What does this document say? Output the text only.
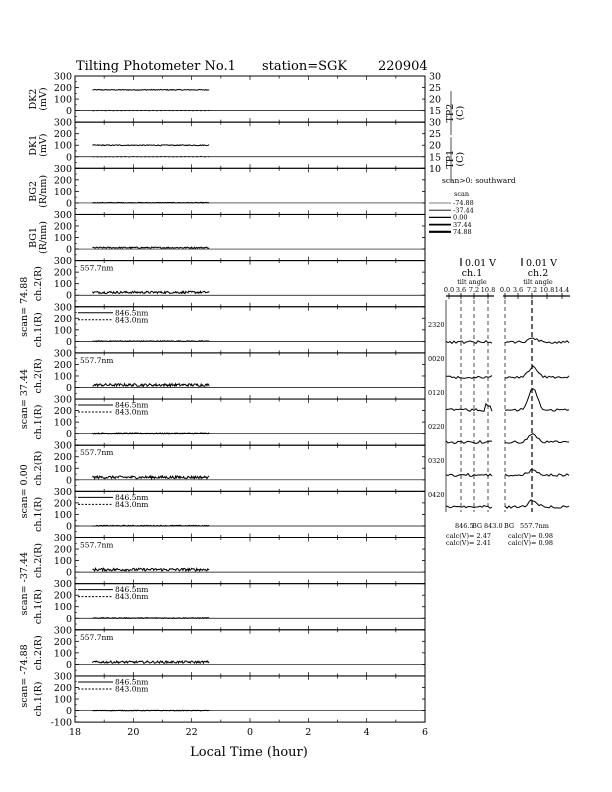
Tilting Photometer No.1 station=SGK 220904
300
200
100
0
DK2(mV)
30
25
20
15 TP2(C)
300
200
100
0
DK1(mV)
30
25
20
15
10
TP1(C)
300
200
100
0
BG2(R/nm)
300
200
100
0
BG1(R/nm)
300
200
100
0
ch.2(R)	557.7nm
300
200
100
0
ch.1(R)	846.5nm
843.0nm
300
200
100
0
ch.2(R)	557.7nm
300
200
100
0
ch.1(R)	846.5nm
843.0nm
300
200
100
0
ch.2(R)	557.7nm
300
200
100
0
ch.1(R)	846.5nm
843.0nm
300
200
100
0
ch.2(R)	557.7nm
300
200
100
0
ch.1(R)	846.5nm
843.0nm
300
200
100
0
ch.2(R)	557.7nm
300
200
100
0
-100
ch.1(R)	846.5nm
843.0nm
18	20	22	0	2	4	6
Local Time (hour)
scan= 74.88
scan= 37.44
scan= 0.00
scan= -37.44
scan= -74.88
scan>0: southward
scan
-74.88
-37.44
0.00
37.44
74.88
0.01 V	0.01 V
ch.1	ch.2
tilt angle	tilt angle
0.0 3.6 7.2 10.8 0.0 3.6 7.2 10.8 14.4
2320
0020
0120
0220
0320
0420
846.5
BG 843.0 BG 557.7nm
calc(V)= 2.47	calc(V)= 0.98
calc(V)= 2.41	calc(V)= 0.98
